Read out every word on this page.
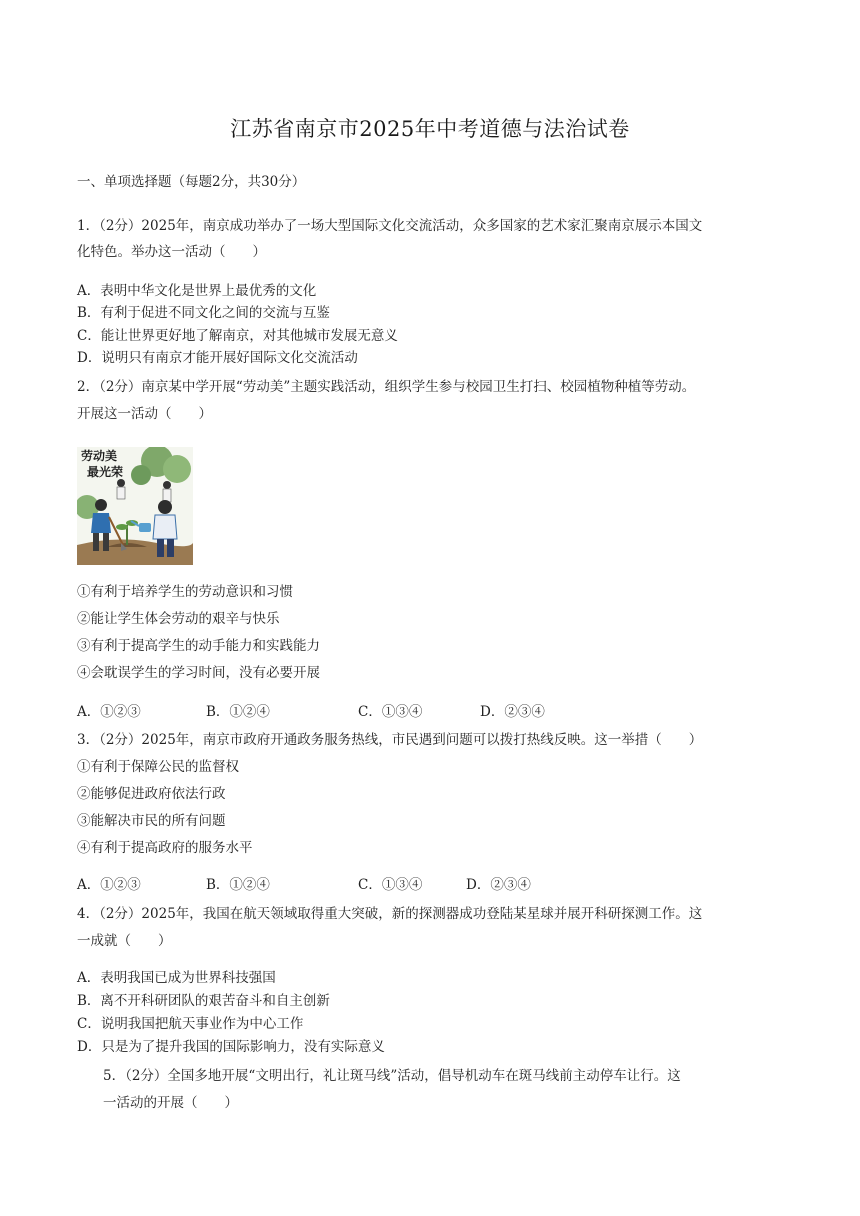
江苏省南京市2025年中考道德与法治试卷
一、单项选择题（每题2分，共30分）
1．（2分）2025年，南京成功举办了一场大型国际文化交流活动，众多国家的艺术家汇聚南京展示本国文
化特色。举办这一活动（　　）
A．表明中华文化是世界上最优秀的文化
B．有利于促进不同文化之间的交流与互鉴
C．能让世界更好地了解南京，对其他城市发展无意义
D．说明只有南京才能开展好国际文化交流活动
2．（2分）南京某中学开展“劳动美”主题实践活动，组织学生参与校园卫生打扫、校园植物种植等劳动。
开展这一活动（　　）
劳动美
最光荣
①有利于培养学生的劳动意识和习惯
②能让学生体会劳动的艰辛与快乐
③有利于提高学生的动手能力和实践能力
④会耽误学生的学习时间，没有必要开展
A．①②③	B．①②④	C．①③④	D．②③④
3．（2分）2025年，南京市政府开通政务服务热线，市民遇到问题可以拨打热线反映。这一举措（　　）
①有利于保障公民的监督权
②能够促进政府依法行政
③能解决市民的所有问题
④有利于提高政府的服务水平
A．①②③	B．①②④	C．①③④	D．②③④
4．（2分）2025年，我国在航天领域取得重大突破，新的探测器成功登陆某星球并展开科研探测工作。这
一成就（　　）
A．表明我国已成为世界科技强国
B．离不开科研团队的艰苦奋斗和自主创新
C．说明我国把航天事业作为中心工作
D．只是为了提升我国的国际影响力，没有实际意义
5．（2分）全国多地开展“文明出行，礼让斑马线”活动，倡导机动车在斑马线前主动停车让行。这
一活动的开展（　　）
